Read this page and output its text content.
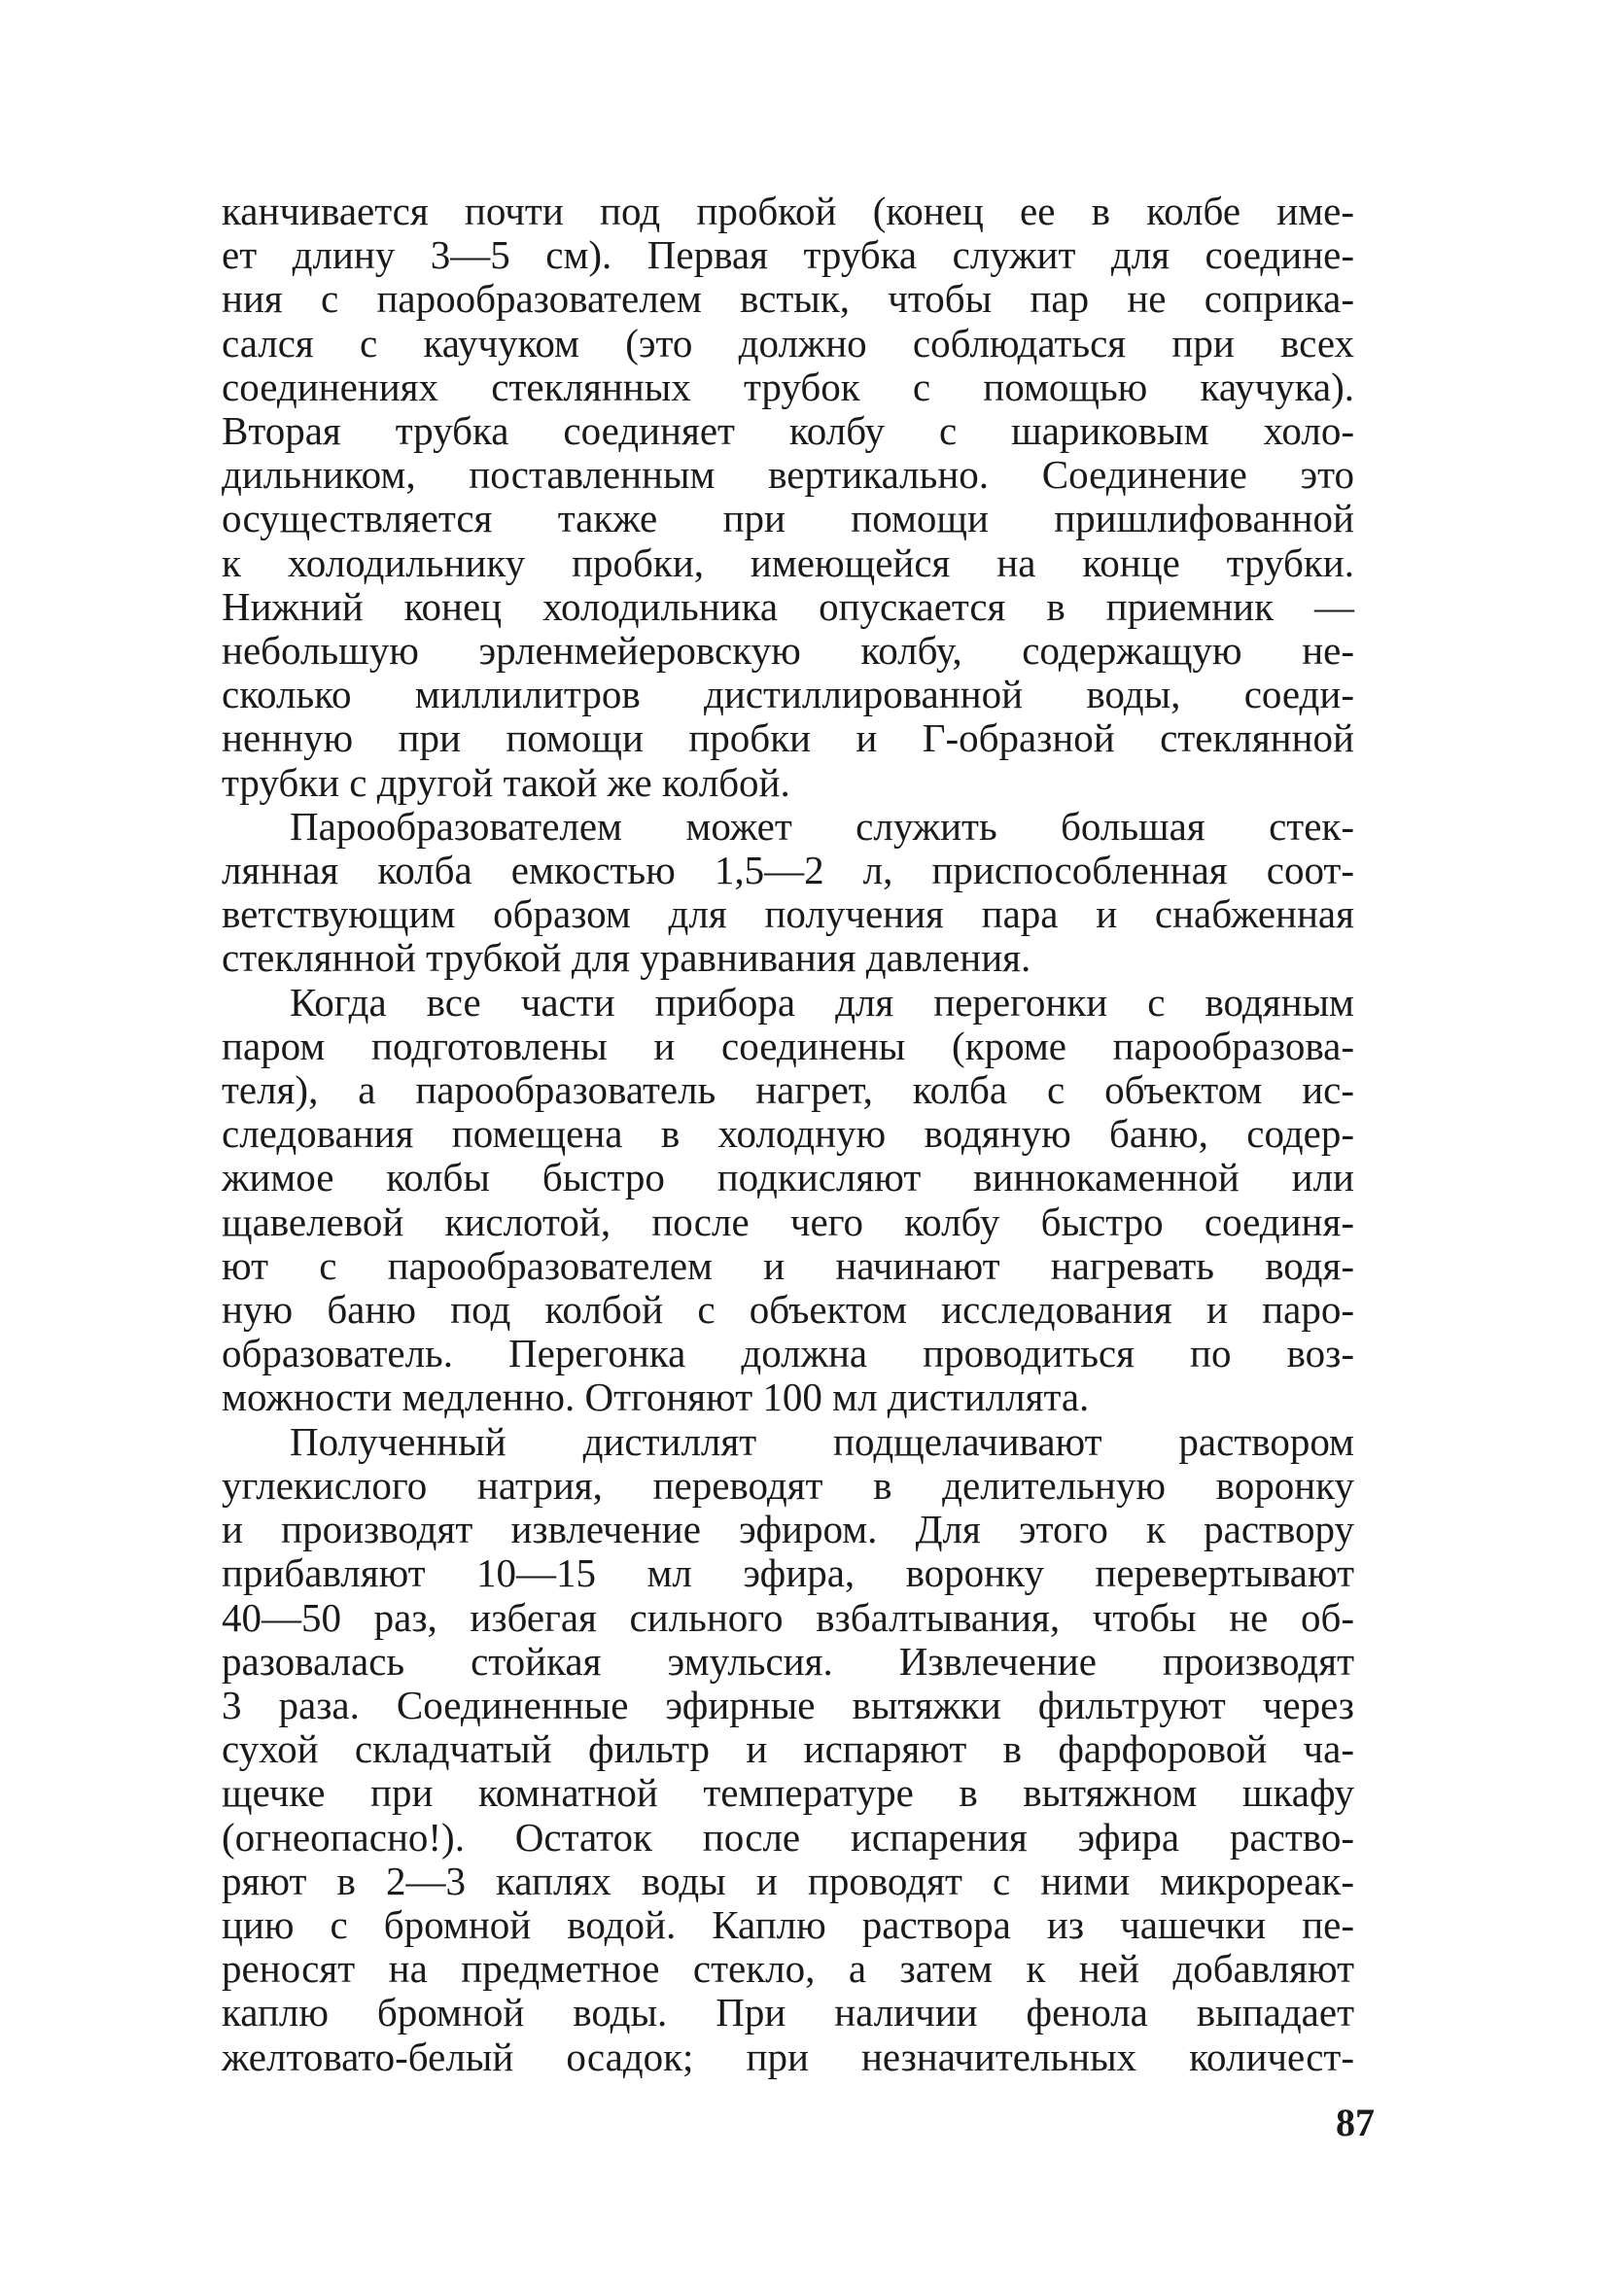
канчивается почти под пробкой (конец ее в колбе име-
ет длину 3—5 см). Первая трубка служит для соедине-
ния с парообразователем встык, чтобы пар не соприка-
сался с каучуком (это должно соблюдаться при всех
соединениях стеклянных трубок с помощью каучука).
Вторая трубка соединяет колбу с шариковым холо-
дильником, поставленным вертикально. Соединение это
осуществляется также при помощи пришлифованной
к холодильнику пробки, имеющейся на конце трубки.
Нижний конец холодильника опускается в приемник —
небольшую эрленмейеровскую колбу, содержащую не-
сколько миллилитров дистиллированной воды, соеди-
ненную при помощи пробки и Г-образной стеклянной
трубки с другой такой же колбой.

Парообразователем может служить большая стек-
лянная колба емкостью 1,5—2 л, приспособленная соот-
ветствующим образом для получения пара и снабженная
стеклянной трубкой для уравнивания давления.

Когда все части прибора для перегонки с водяным
паром подготовлены и соединены (кроме парообразова-
теля), а парообразователь нагрет, колба с объектом ис-
следования помещена в холодную водяную баню, содер-
жимое колбы быстро подкисляют виннокаменной или
щавелевой кислотой, после чего колбу быстро соединя-
ют с парообразователем и начинают нагревать водя-
ную баню под колбой с объектом исследования и паро-
образователь. Перегонка должна проводиться по воз-
можности медленно. Отгоняют 100 мл дистиллята.

Полученный дистиллят подщелачивают раствором
углекислого натрия, переводят в делительную воронку
и производят извлечение эфиром. Для этого к раствору
прибавляют 10—15 мл эфира, воронку перевертывают
40—50 раз, избегая сильного взбалтывания, чтобы не об-
разовалась стойкая эмульсия. Извлечение производят
3 раза. Соединенные эфирные вытяжки фильтруют через
сухой складчатый фильтр и испаряют в фарфоровой ча-
щечке при комнатной температуре в вытяжном шкафу
(огнеопасно!). Остаток после испарения эфира раство-
ряют в 2—3 каплях воды и проводят с ними микрореак-
цию с бромной водой. Каплю раствора из чашечки пе-
реносят на предметное стекло, а затем к ней добавляют
каплю бромной воды. При наличии фенола выпадает
желтовато-белый осадок; при незначительных количест-

87
